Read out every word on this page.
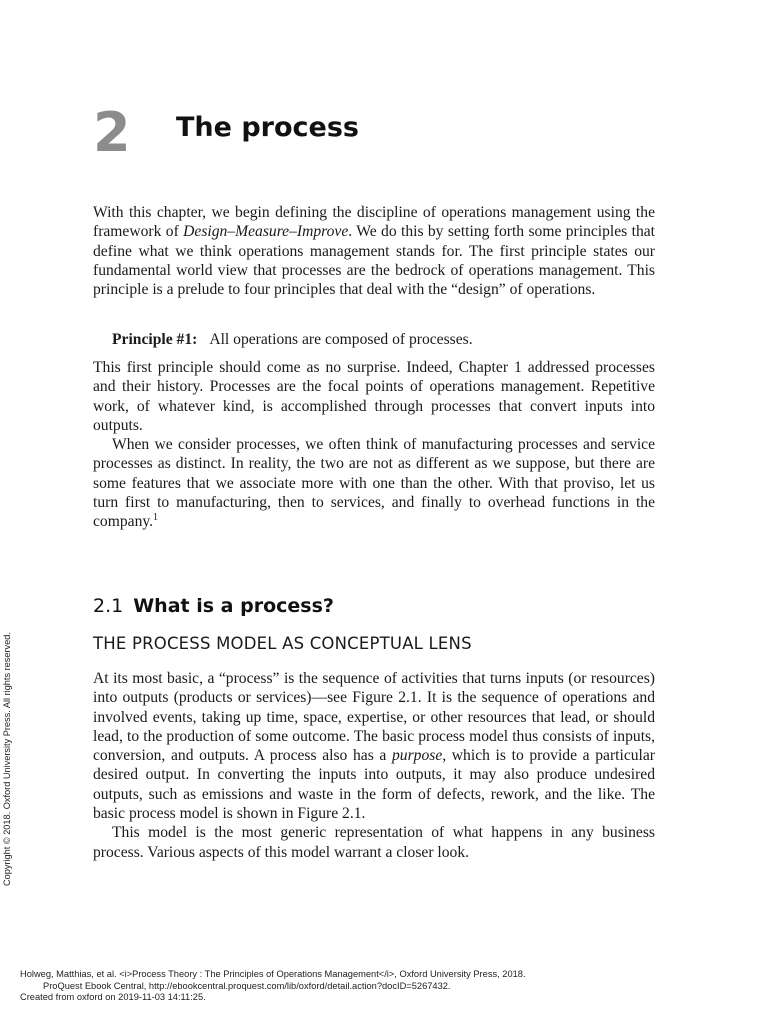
2 The process

With this chapter, we begin defining the discipline of operations management using the framework of Design–Measure–Improve. We do this by setting forth some principles that define what we think operations management stands for. The first principle states our fundamental world view that processes are the bedrock of operations management. This principle is a prelude to four principles that deal with the “design” of operations.

Principle #1: All operations are composed of processes.

This first principle should come as no surprise. Indeed, Chapter 1 addressed processes and their history. Processes are the focal points of operations management. Repetitive work, of whatever kind, is accomplished through processes that convert inputs into outputs.

When we consider processes, we often think of manufacturing processes and service processes as distinct. In reality, the two are not as different as we suppose, but there are some features that we associate more with one than the other. With that proviso, let us turn first to manufacturing, then to services, and finally to overhead functions in the company.$^1$

2.1 What is a process?
THE PROCESS MODEL AS CONCEPTUAL LENS

At its most basic, a “process” is the sequence of activities that turns inputs (or resources) into outputs (products or services)—see Figure 2.1. It is the sequence of operations and involved events, taking up time, space, expertise, or other resources that lead, or should lead, to the production of some outcome. The basic process model thus consists of inputs, conversion, and outputs. A process also has a purpose, which is to provide a particular desired output. In converting the inputs into outputs, it may also produce undesired outputs, such as emissions and waste in the form of defects, rework, and the like. The basic process model is shown in Figure 2.1.

This model is the most generic representation of what happens in any business process. Various aspects of this model warrant a closer look.

Copyright © 2018. Oxford University Press. All rights reserved.
Holweg, Matthias, et al. <i>Process Theory : The Principles of Operations Management</i>, Oxford University Press, 2018.
ProQuest Ebook Central, http://ebookcentral.proquest.com/lib/oxford/detail.action?docID=5267432.
Created from oxford on 2019-11-03 14:11:25.
